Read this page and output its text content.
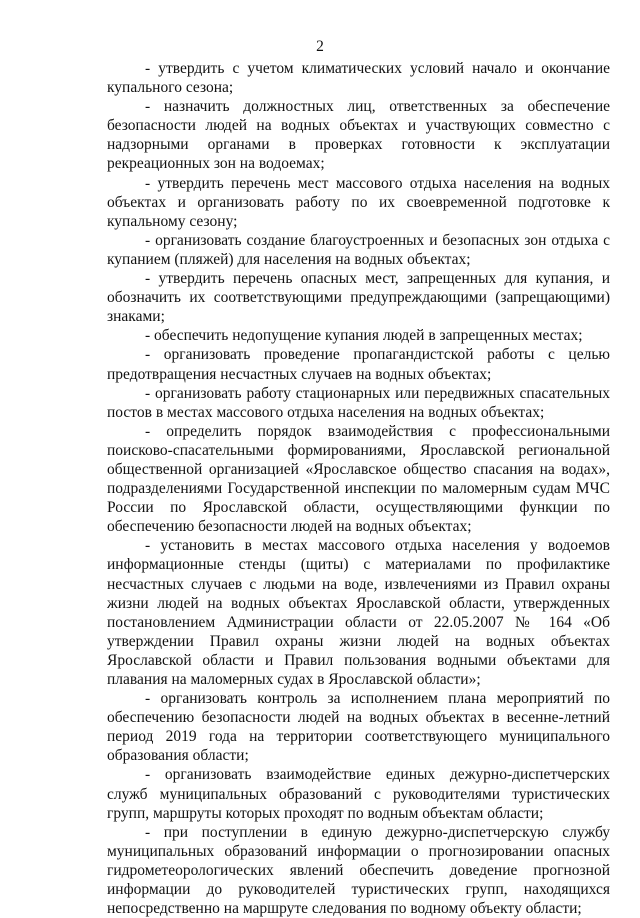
2

- утвердить с учетом климатических условий начало и окончание купального сезона;

- назначить должностных лиц, ответственных за обеспечение безопасности людей на водных объектах и участвующих совместно с надзорными органами в проверках готовности к эксплуатации рекреационных зон на водоемах;

- утвердить перечень мест массового отдыха населения на водных объектах и организовать работу по их своевременной подготовке к купальному сезону;

- организовать создание благоустроенных и безопасных зон отдыха с купанием (пляжей) для населения на водных объектах;

- утвердить перечень опасных мест, запрещенных для купания, и обозначить их соответствующими предупреждающими (запрещающими) знаками;

- обеспечить недопущение купания людей в запрещенных местах;

- организовать проведение пропагандистской работы с целью предотвращения несчастных случаев на водных объектах;

- организовать работу стационарных или передвижных спасательных постов в местах массового отдыха населения на водных объектах;

- определить порядок взаимодействия с профессиональными поисково-спасательными формированиями, Ярославской региональной общественной организацией «Ярославское общество спасания на водах», подразделениями Государственной инспекции по маломерным судам МЧС России по Ярославской области, осуществляющими функции по обеспечению безопасности людей на водных объектах;

- установить в местах массового отдыха населения у водоемов информационные стенды (щиты) с материалами по профилактике несчастных случаев с людьми на воде, извлечениями из Правил охраны жизни людей на водных объектах Ярославской области, утвержденных постановлением Администрации области от 22.05.2007 № 164 «Об утверждении Правил охраны жизни людей на водных объектах Ярославской области и Правил пользования водными объектами для плавания на маломерных судах в Ярославской области»;

- организовать контроль за исполнением плана мероприятий по обеспечению безопасности людей на водных объектах в весенне-летний период 2019 года на территории соответствующего муниципального образования области;

- организовать взаимодействие единых дежурно-диспетчерских служб муниципальных образований с руководителями туристических групп, маршруты которых проходят по водным объектам области;

- при поступлении в единую дежурно-диспетчерскую службу муниципальных образований информации о прогнозировании опасных гидрометеорологических явлений обеспечить доведение прогнозной информации до руководителей туристических групп, находящихся непосредственно на маршруте следования по водному объекту области;
